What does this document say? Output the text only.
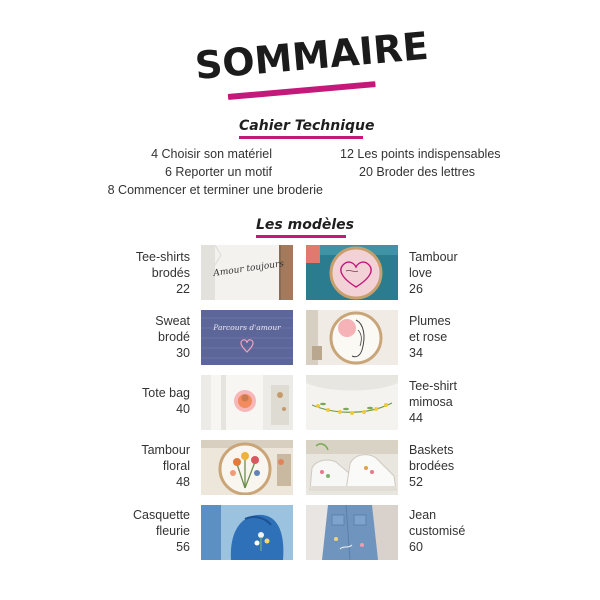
SOMMAIRE
Cahier Technique
4 Choisir son matériel
6 Reporter un motif
8 Commencer et terminer une broderie
12 Les points indispensables
20 Broder des lettres
Les modèles
Tee-shirts
brodés
22
Sweat
brodé
30
Tote bag
40
Tambour
floral
48
Casquette
fleurie
56
Tambour
love
26
Plumes
et rose
34
Tee-shirt
mimosa
44
Baskets
brodées
52
Jean
customisé
60
Amour toujours
Parcours d'amour
